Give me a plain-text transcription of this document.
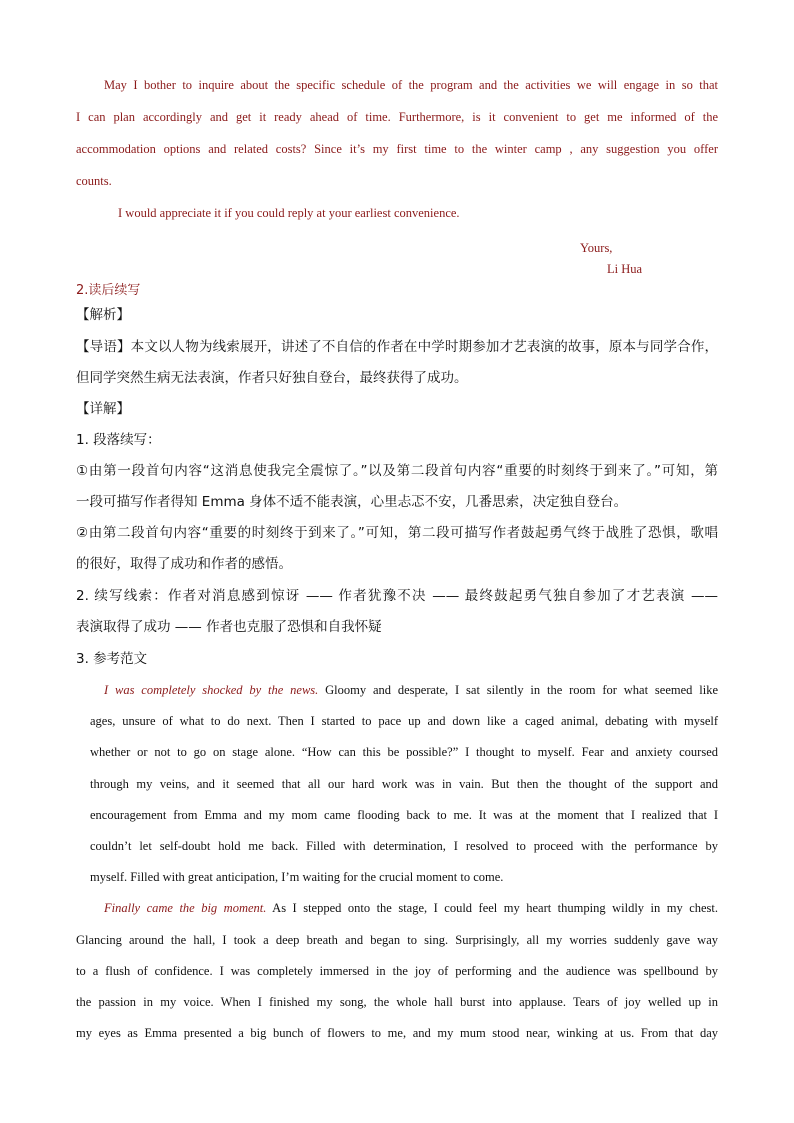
May I bother to inquire about the specific schedule of the program and the activities we will engage in so that
I can plan accordingly and get it ready ahead of time. Furthermore, is it convenient to get me informed of the
accommodation options and related costs? Since it’s my first time to the winter camp , any suggestion you offer
counts.
I would appreciate it if you could reply at your earliest convenience.
Yours,
Li Hua
2.读后续写
【解析】
【导语】本文以人物为线索展开，讲述了不自信的作者在中学时期参加才艺表演的故事，原本与同学合作，
但同学突然生病无法表演，作者只好独自登台，最终获得了成功。
【详解】
1. 段落续写：
①由第一段首句内容“这消息使我完全震惊了。”以及第二段首句内容“重要的时刻终于到来了。”可知，第
一段可描写作者得知 Emma 身体不适不能表演，心里忐忑不安，几番思索，决定独自登台。
②由第二段首句内容“重要的时刻终于到来了。”可知，第二段可描写作者鼓起勇气终于战胜了恐惧，歌唱
的很好，取得了成功和作者的感悟。
2. 续写线索：作者对消息感到惊讶 —— 作者犹豫不决 —— 最终鼓起勇气独自参加了才艺表演 ——
表演取得了成功 —— 作者也克服了恐惧和自我怀疑
3. 参考范文
I was completely shocked by the news. Gloomy and desperate, I sat silently in the room for what seemed like
ages, unsure of what to do next. Then I started to pace up and down like a caged animal, debating with myself
whether or not to go on stage alone. “How can this be possible?” I thought to myself. Fear and anxiety coursed
through my veins, and it seemed that all our hard work was in vain. But then the thought of the support and
encouragement from Emma and my mom came flooding back to me. It was at the moment that I realized that I
couldn’t let self-doubt hold me back. Filled with determination, I resolved to proceed with the performance by
myself. Filled with great anticipation, I’m waiting for the crucial moment to come.
Finally came the big moment. As I stepped onto the stage, I could feel my heart thumping wildly in my chest.
Glancing around the hall, I took a deep breath and began to sing. Surprisingly, all my worries suddenly gave way
to a flush of confidence. I was completely immersed in the joy of performing and the audience was spellbound by
the passion in my voice. When I finished my song, the whole hall burst into applause. Tears of joy welled up in
my eyes as Emma presented a big bunch of flowers to me, and my mum stood near, winking at us. From that day
